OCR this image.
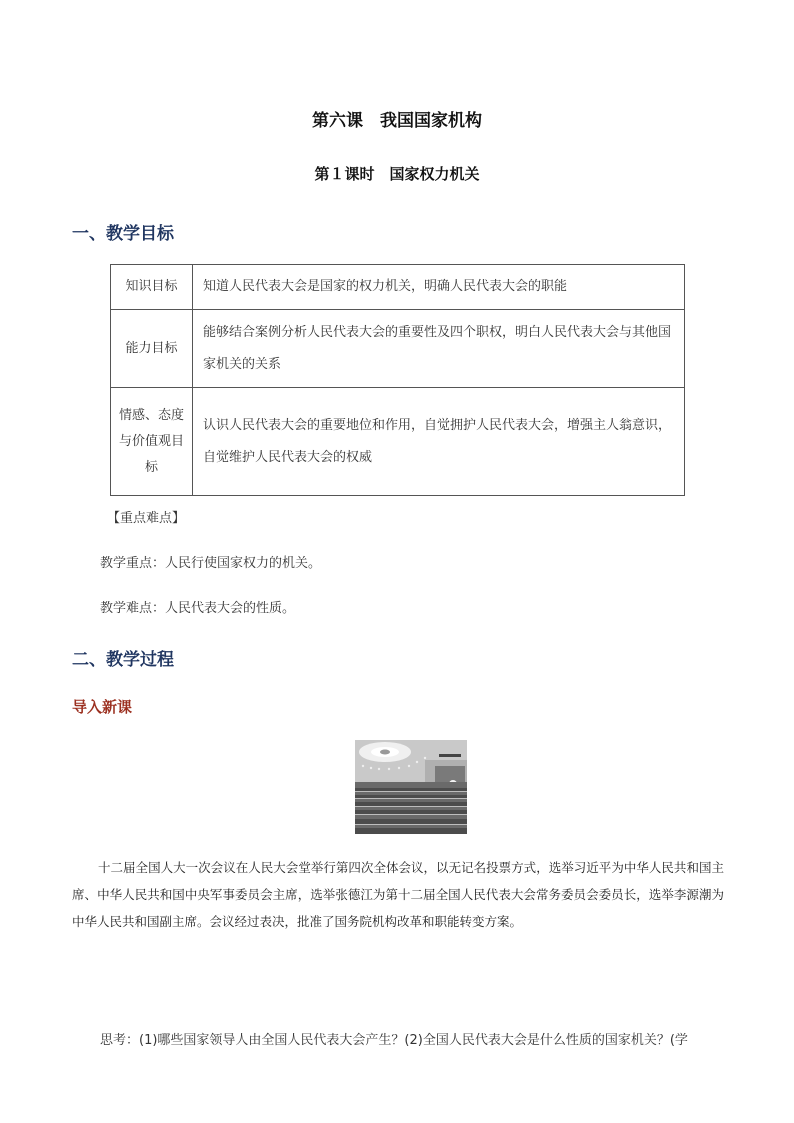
第六课　我国国家机构
第１课时　国家权力机关
一、教学目标
知识目标	知道人民代表大会是国家的权力机关，明确人民代表大会的职能
能力目标	能够结合案例分析人民代表大会的重要性及四个职权，明白人民代表大会与其他国家机关的关系
情感、态度与价值观目标	认识人民代表大会的重要地位和作用，自觉拥护人民代表大会，增强主人翁意识，自觉维护人民代表大会的权威
【重点难点】
教学重点：人民行使国家权力的机关。
教学难点：人民代表大会的性质。
二、教学过程
导入新课
十二届全国人大一次会议在人民大会堂举行第四次全体会议，以无记名投票方式，选举习近平为中华人民共和国主席、中华人民共和国中央军事委员会主席，选举张德江为第十二届全国人民代表大会常务委员会委员长，选举李源潮为中华人民共和国副主席。会议经过表决，批准了国务院机构改革和职能转变方案。
思考：(1)哪些国家领导人由全国人民代表大会产生？(2)全国人民代表大会是什么性质的国家机关？(学
